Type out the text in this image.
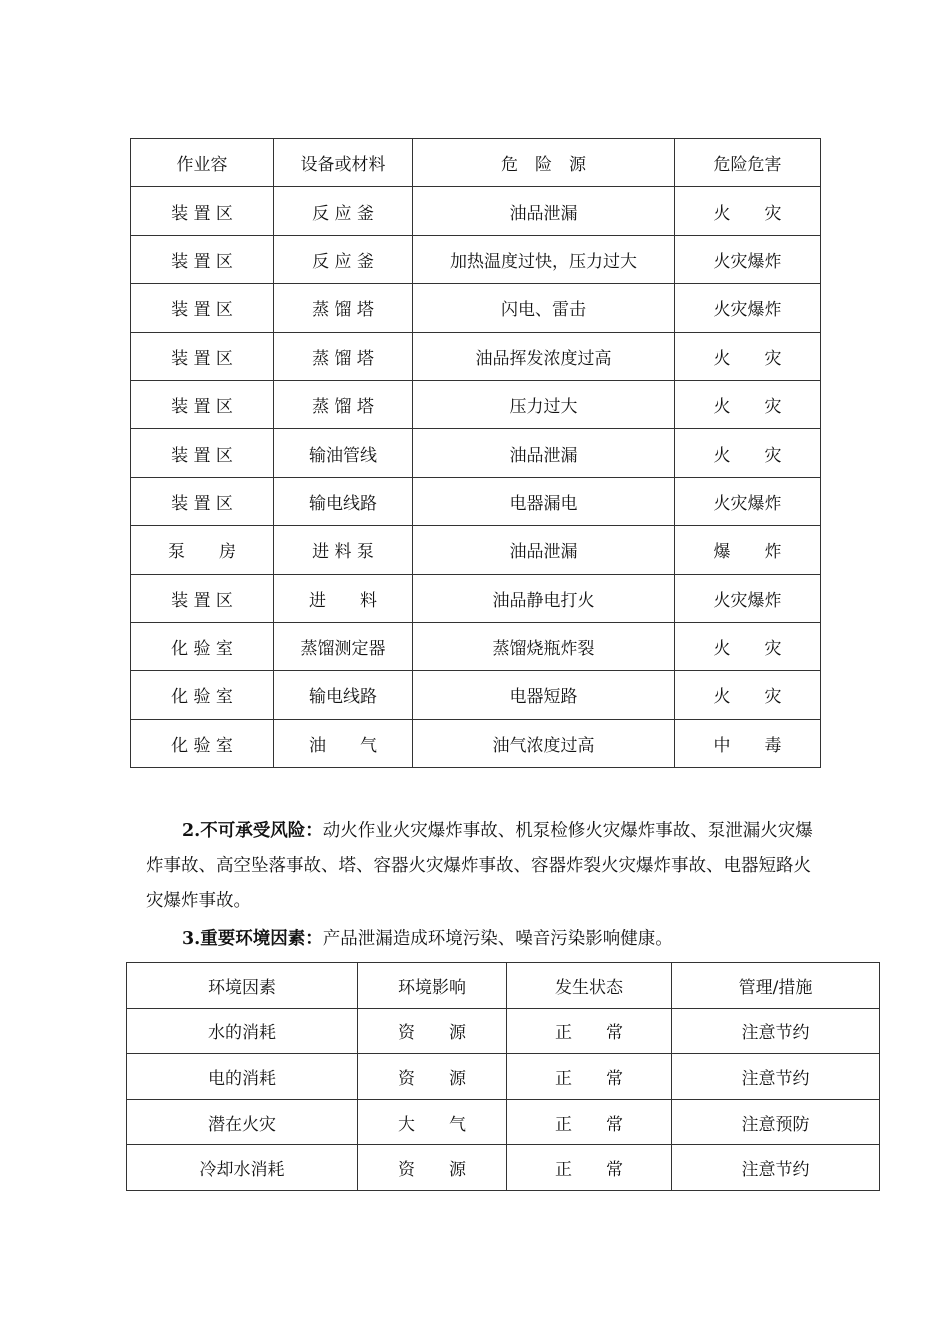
作业容	设备或材料	危　险　源	危险危害
装 置 区	反 应 釜	油品泄漏	火　　灾
装 置 区	反 应 釜	加热温度过快，压力过大	火灾爆炸
装 置 区	蒸 馏 塔	闪电、雷击	火灾爆炸
装 置 区	蒸 馏 塔	油品挥发浓度过高	火　　灾
装 置 区	蒸 馏 塔	压力过大	火　　灾
装 置 区	输油管线	油品泄漏	火　　灾
装 置 区	输电线路	电器漏电	火灾爆炸
泵　　房	进 料 泵	油品泄漏	爆　　炸
装 置 区	进　　料	油品静电打火	火灾爆炸
化 验 室	蒸馏测定器	蒸馏烧瓶炸裂	火　　灾
化 验 室	输电线路	电器短路	火　　灾
化 验 室	油　　气	油气浓度过高	中　　毒

2.不可承受风险：动火作业火灾爆炸事故、机泵检修火灾爆炸事故、泵泄漏火灾爆炸事故、高空坠落事故、塔、容器火灾爆炸事故、容器炸裂火灾爆炸事故、电器短路火灾爆炸事故。

3.重要环境因素：产品泄漏造成环境污染、噪音污染影响健康。

环境因素	环境影响	发生状态	管理/措施
水的消耗	资　　源	正　　常	注意节约
电的消耗	资　　源	正　　常	注意节约
潜在火灾	大　　气	正　　常	注意预防
冷却水消耗	资　　源	正　　常	注意节约
